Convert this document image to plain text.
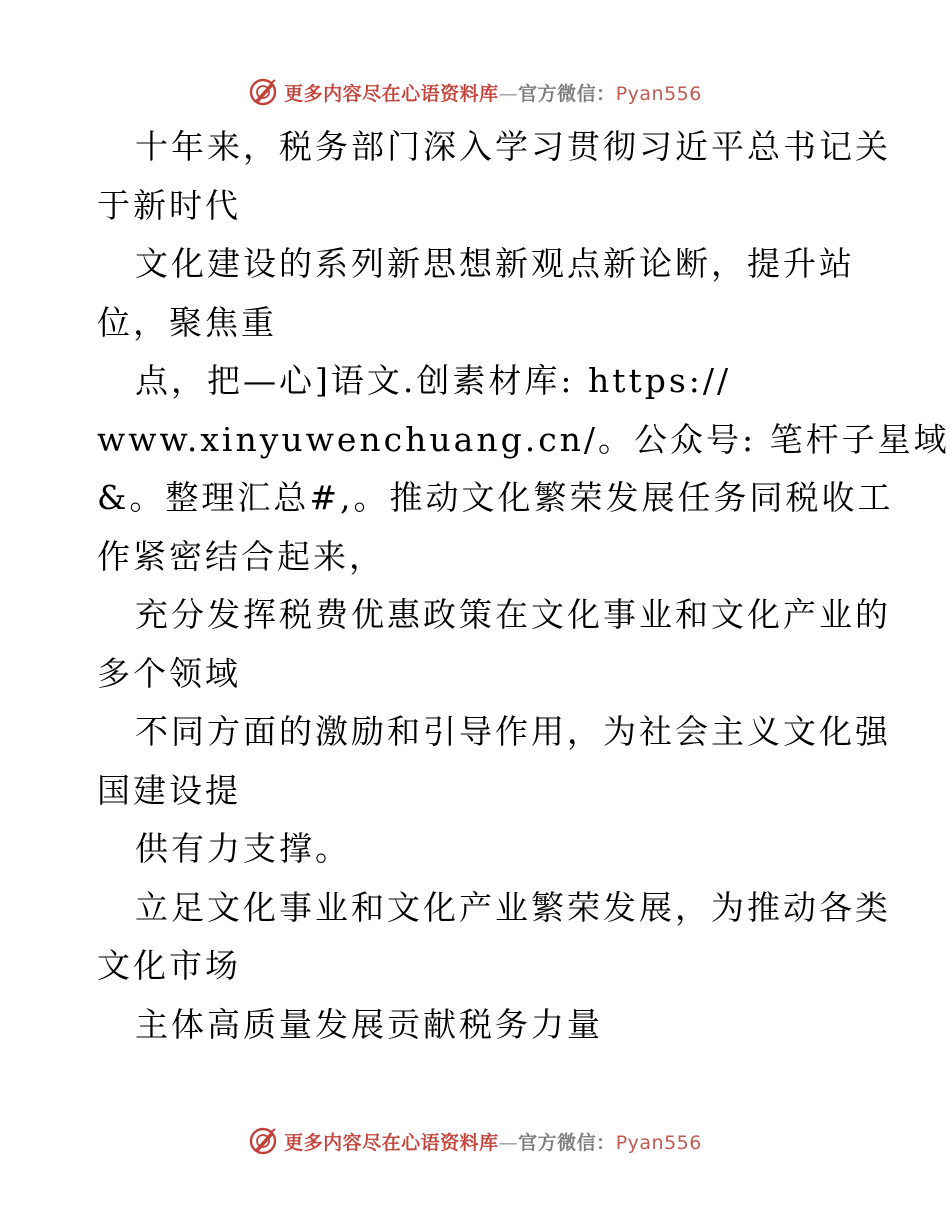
更多内容尽在心语资料库—官方微信：Pyan556
十年来，税务部门深入学习贯彻习近平总书记关
于新时代
文化建设的系列新思想新观点新论断，提升站
位，聚焦重
点，把—心]语文.创素材库: https://
www.xinyuwenchuang.cn/。公众号: 笔杆子星域
&。整理汇总#,。推动文化繁荣发展任务同税收工
作紧密结合起来，
充分发挥税费优惠政策在文化事业和文化产业的
多个领域
不同方面的激励和引导作用，为社会主义文化强
国建设提
供有力支撑。
立足文化事业和文化产业繁荣发展，为推动各类
文化市场
主体高质量发展贡献税务力量
更多内容尽在心语资料库—官方微信：Pyan556
